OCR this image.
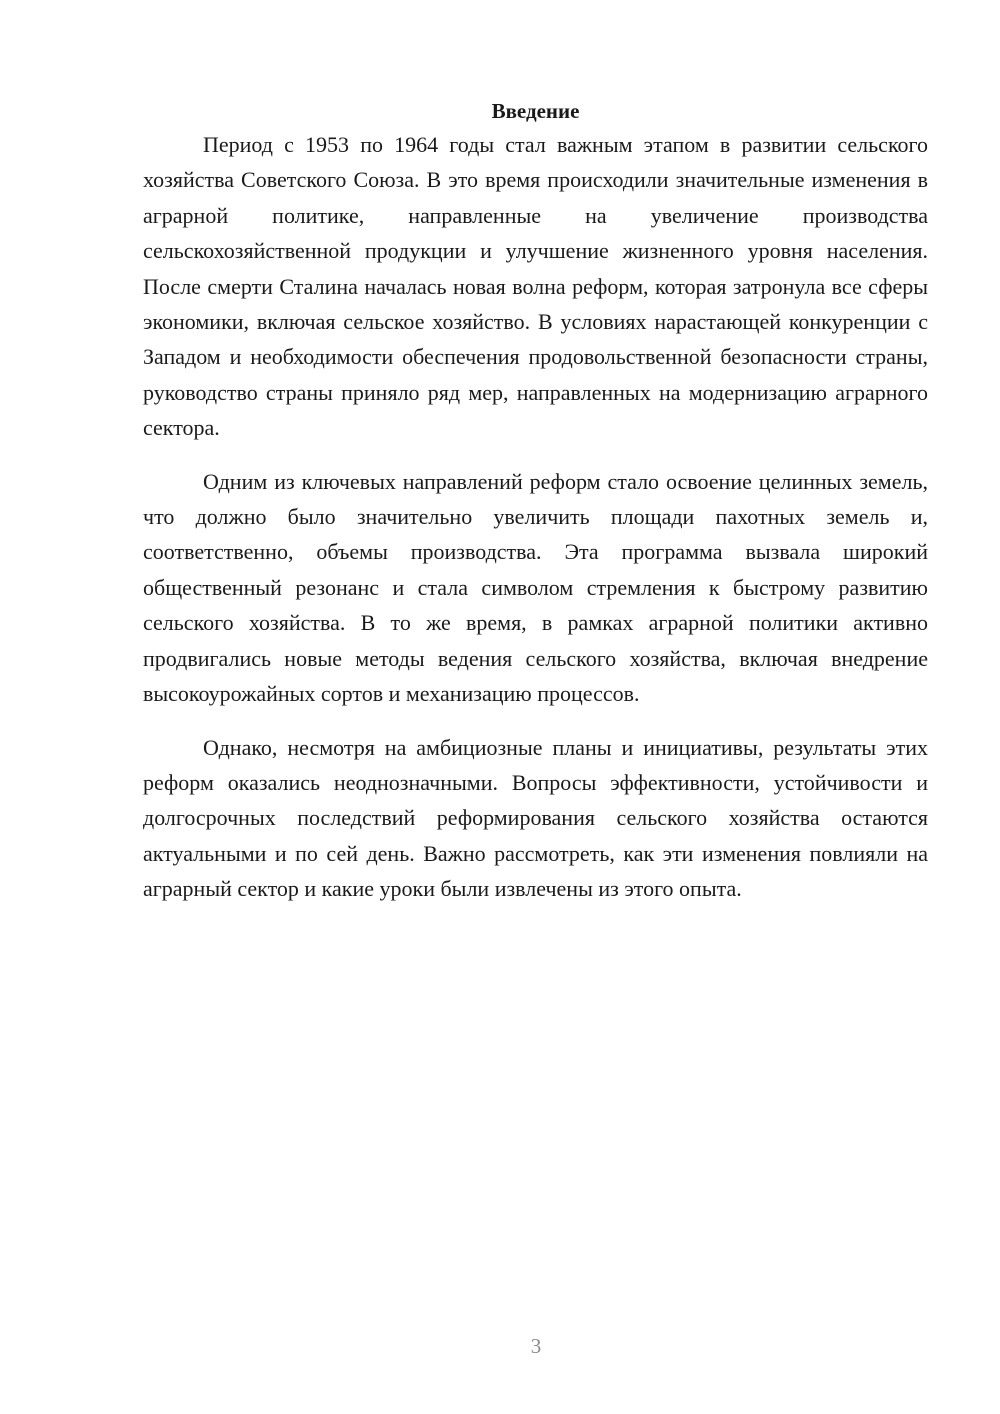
Введение

Период с 1953 по 1964 годы стал важным этапом в развитии сельского хозяйства Советского Союза. В это время происходили значительные изменения в аграрной политике, направленные на увеличение производства сельскохозяйственной продукции и улучшение жизненного уровня населения. После смерти Сталина началась новая волна реформ, которая затронула все сферы экономики, включая сельское хозяйство. В условиях нарастающей конкуренции с Западом и необходимости обеспечения продовольственной безопасности страны, руководство страны приняло ряд мер, направленных на модернизацию аграрного сектора.

Одним из ключевых направлений реформ стало освоение целинных земель, что должно было значительно увеличить площади пахотных земель и, соответственно, объемы производства. Эта программа вызвала широкий общественный резонанс и стала символом стремления к быстрому развитию сельского хозяйства. В то же время, в рамках аграрной политики активно продвигались новые методы ведения сельского хозяйства, включая внедрение высокоурожайных сортов и механизацию процессов.

Однако, несмотря на амбициозные планы и инициативы, результаты этих реформ оказались неоднозначными. Вопросы эффективности, устойчивости и долгосрочных последствий реформирования сельского хозяйства остаются актуальными и по сей день. Важно рассмотреть, как эти изменения повлияли на аграрный сектор и какие уроки были извлечены из этого опыта.

3
